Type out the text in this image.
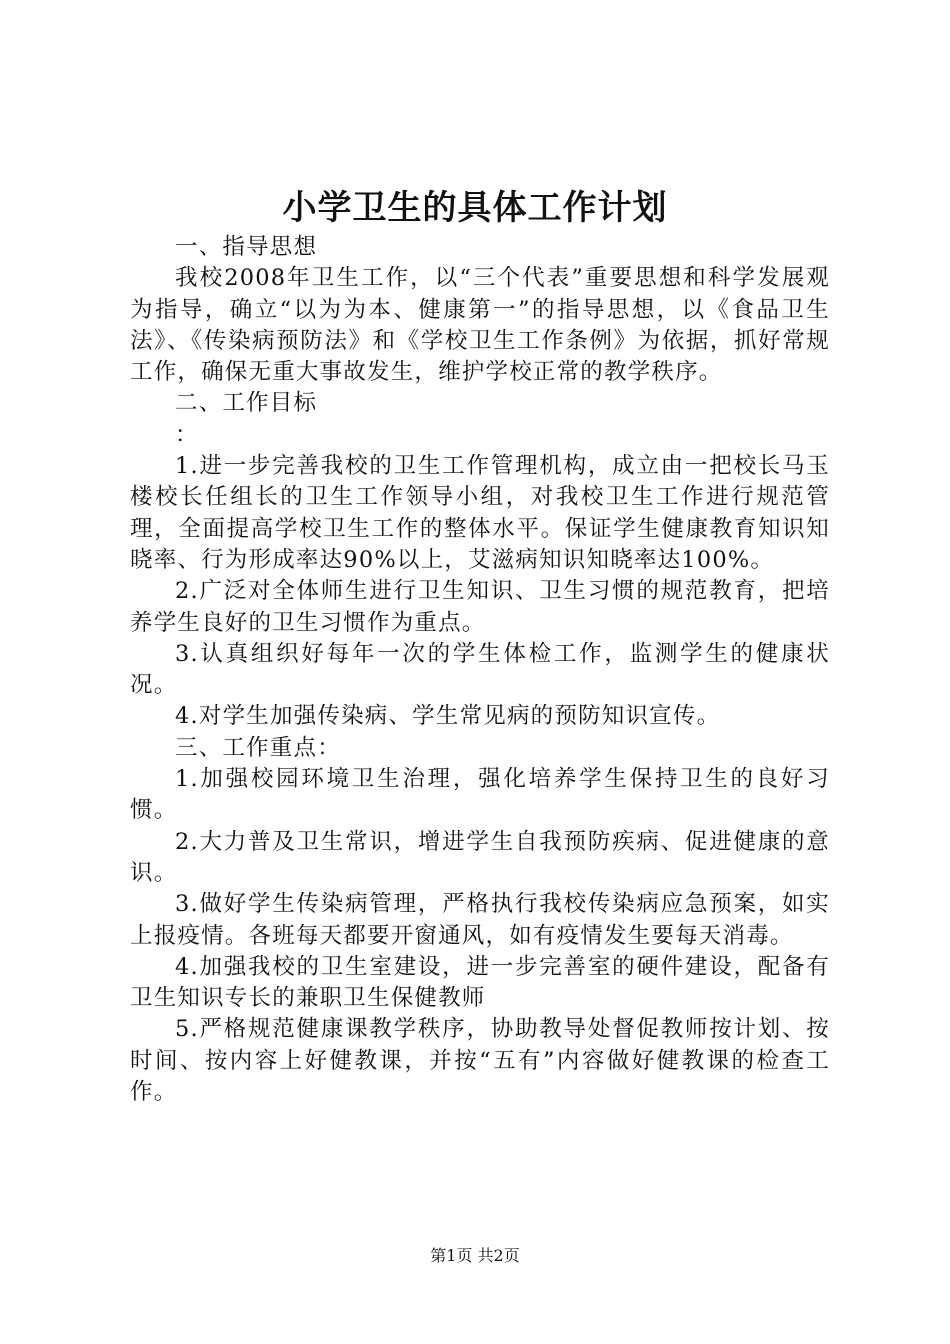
小学卫生的具体工作计划

一、指导思想

我校2008年卫生工作，以“三个代表”重要思想和科学发展观为指导，确立“以为为本、健康第一”的指导思想，以《食品卫生法》、《传染病预防法》和《学校卫生工作条例》为依据，抓好常规工作，确保无重大事故发生，维护学校正常的教学秩序。

二、工作目标

：

1.进一步完善我校的卫生工作管理机构，成立由一把校长马玉楼校长任组长的卫生工作领导小组，对我校卫生工作进行规范管理，全面提高学校卫生工作的整体水平。保证学生健康教育知识知晓率、行为形成率达90%以上，艾滋病知识知晓率达100%。

2.广泛对全体师生进行卫生知识、卫生习惯的规范教育，把培养学生良好的卫生习惯作为重点。

3.认真组织好每年一次的学生体检工作，监测学生的健康状况。

4.对学生加强传染病、学生常见病的预防知识宣传。

三、工作重点：

1.加强校园环境卫生治理，强化培养学生保持卫生的良好习惯。

2.大力普及卫生常识，增进学生自我预防疾病、促进健康的意识。

3.做好学生传染病管理，严格执行我校传染病应急预案，如实上报疫情。各班每天都要开窗通风，如有疫情发生要每天消毒。

4.加强我校的卫生室建设，进一步完善室的硬件建设，配备有卫生知识专长的兼职卫生保健教师

5.严格规范健康课教学秩序，协助教导处督促教师按计划、按时间、按内容上好健教课，并按“五有”内容做好健教课的检查工作。

第1页 共2页
